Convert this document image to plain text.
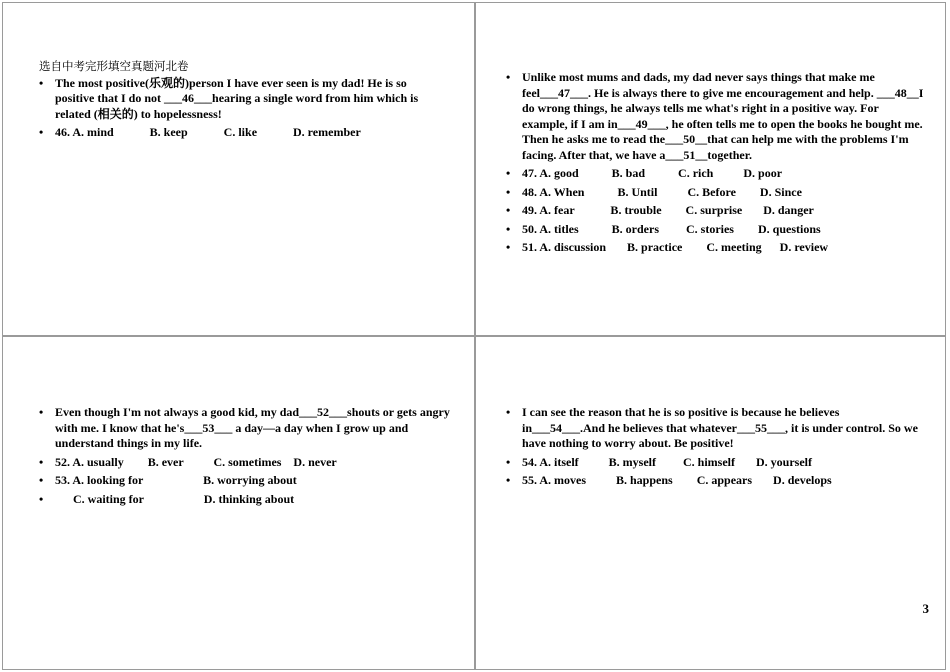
选自中考完形填空真题河北卷
• The most positive(乐观的)person I have ever seen is my dad! He is so positive that I do not ___46___hearing a single word from him which is related (相关的) to hopelessness!
• 46. A. mind            B. keep            C. like            D. remember
• Unlike most mums and dads, my dad never says things that make me feel___47___. He is always there to give me encouragement and help. ___48__I do wrong things, he always tells me what's right in a positive way. For example, if I am in___49___, he often tells me to open the books he bought me. Then he asks me to read the___50__that can help me with the problems I'm facing. After that, we have a___51__together.
• 47. A. good           B. bad           C. rich          D. poor
• 48. A. When           B. Until          C. Before        D. Since
• 49. A. fear            B. trouble        C. surprise       D. danger
• 50. A. titles           B. orders         C. stories        D. questions
• 51. A. discussion       B. practice        C. meeting      D. review
• Even though I'm not always a good kid, my dad___52___shouts or gets angry with me. I know that he's___53___ a day—a day when I grow up and understand things in my life.
• 52. A. usually        B. ever          C. sometimes    D. never
• 53. A. looking for                    B. worrying about
•       C. waiting for                    D. thinking about
• I can see the reason that he is so positive is because he believes in___54___.And he believes that whatever___55___, it is under control. So we have nothing to worry about. Be positive!
• 54. A. itself          B. myself         C. himself       D. yourself
• 55. A. moves          B. happens        C. appears       D. develops
3
